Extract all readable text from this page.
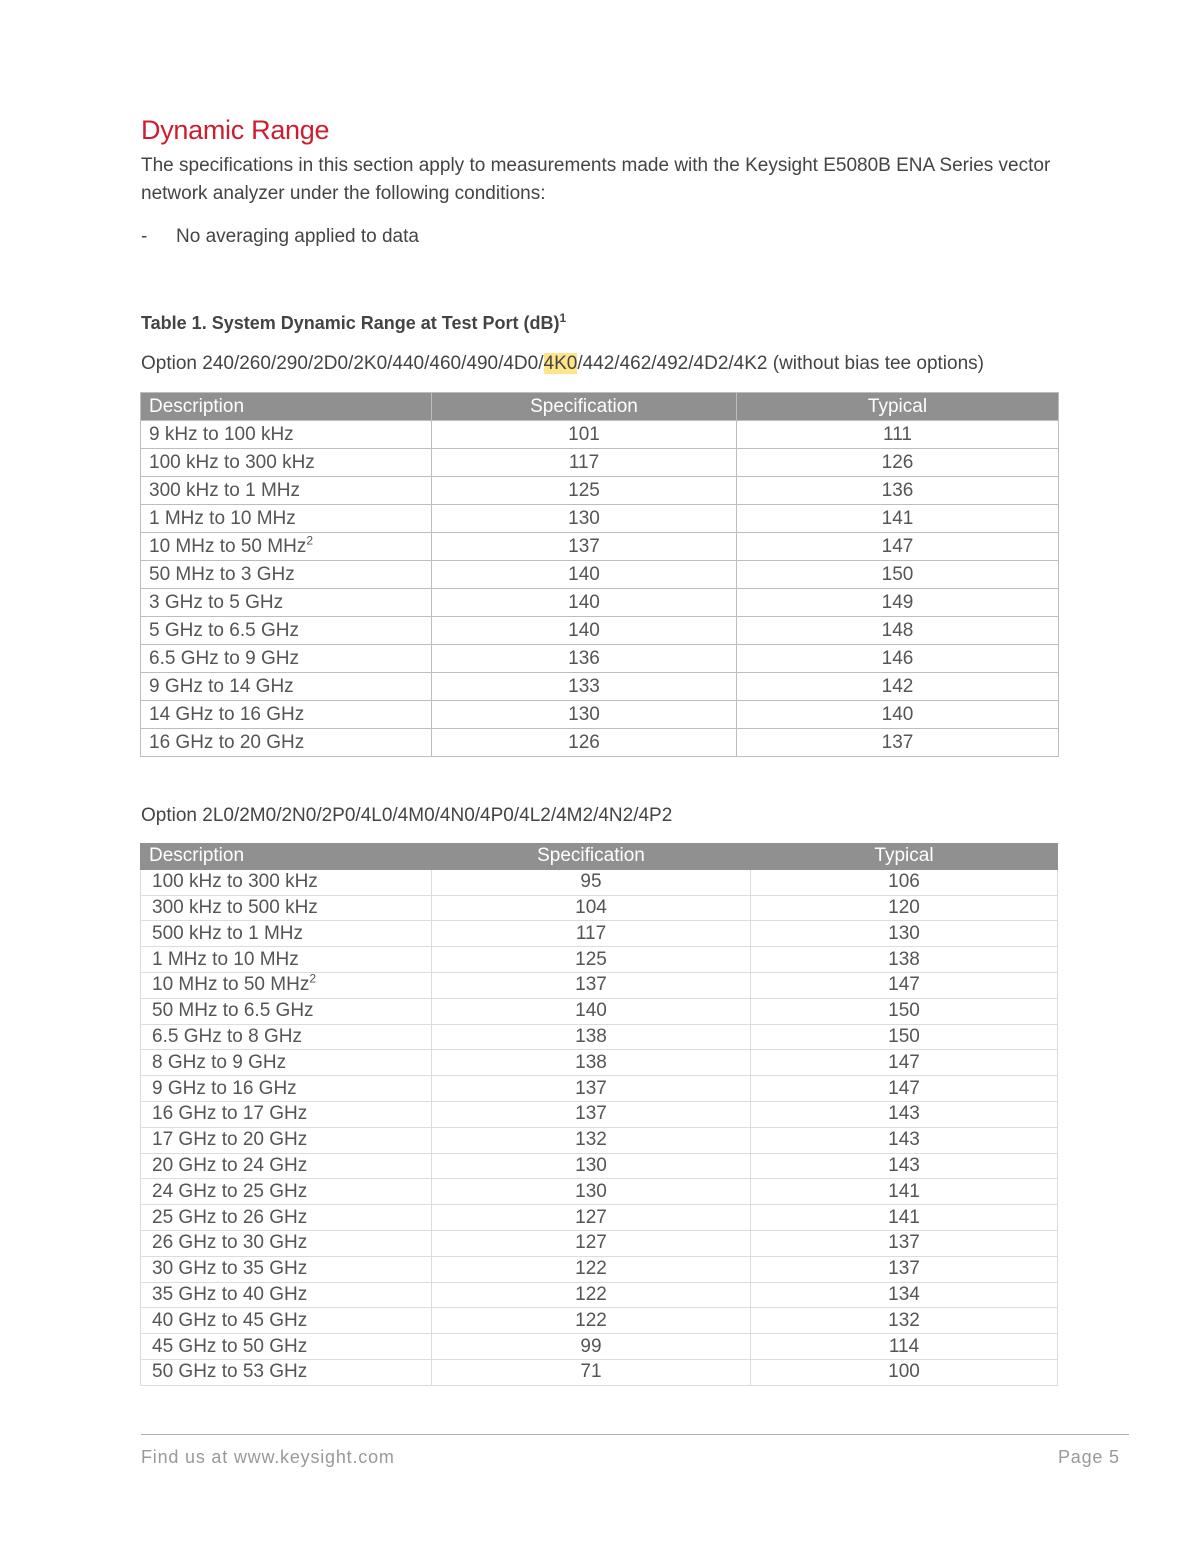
Dynamic Range
The specifications in this section apply to measurements made with the Keysight E5080B ENA Series vector network analyzer under the following conditions:
- No averaging applied to data
Table 1. System Dynamic Range at Test Port (dB)$^1$
Option 240/260/290/2D0/2K0/440/460/490/4D0/4K0/442/462/492/4D2/4K2 (without bias tee options)
Description	Specification	Typical
9 kHz to 100 kHz	101	111
100 kHz to 300 kHz	117	126
300 kHz to 1 MHz	125	136
1 MHz to 10 MHz	130	141
10 MHz to 50 MHz$^2$	137	147
50 MHz to 3 GHz	140	150
3 GHz to 5 GHz	140	149
5 GHz to 6.5 GHz	140	148
6.5 GHz to 9 GHz	136	146
9 GHz to 14 GHz	133	142
14 GHz to 16 GHz	130	140
16 GHz to 20 GHz	126	137
Option 2L0/2M0/2N0/2P0/4L0/4M0/4N0/4P0/4L2/4M2/4N2/4P2
Description	Specification	Typical
100 kHz to 300 kHz	95	106
300 kHz to 500 kHz	104	120
500 kHz to 1 MHz	117	130
1 MHz to 10 MHz	125	138
10 MHz to 50 MHz$^2$	137	147
50 MHz to 6.5 GHz	140	150
6.5 GHz to 8 GHz	138	150
8 GHz to 9 GHz	138	147
9 GHz to 16 GHz	137	147
16 GHz to 17 GHz	137	143
17 GHz to 20 GHz	132	143
20 GHz to 24 GHz	130	143
24 GHz to 25 GHz	130	141
25 GHz to 26 GHz	127	141
26 GHz to 30 GHz	127	137
30 GHz to 35 GHz	122	137
35 GHz to 40 GHz	122	134
40 GHz to 45 GHz	122	132
45 GHz to 50 GHz	99	114
50 GHz to 53 GHz	71	100
Find us at www.keysight.com	Page 5
